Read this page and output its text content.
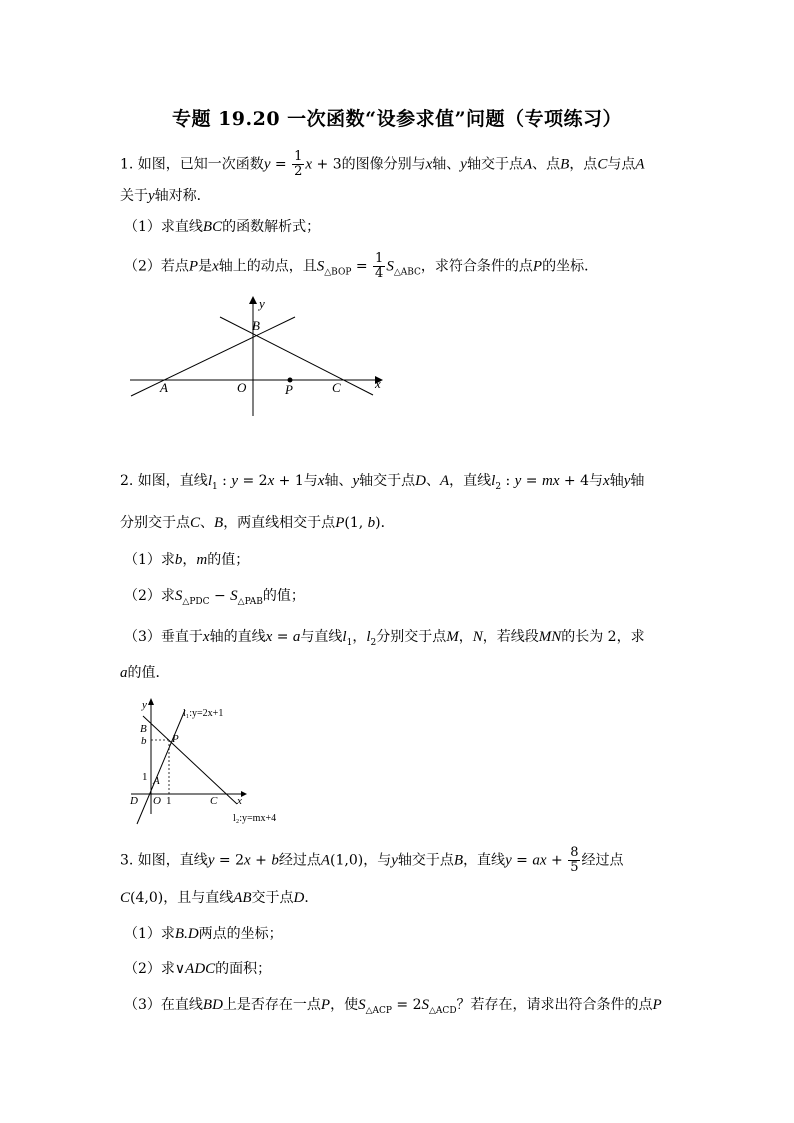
专题 19.20 一次函数“设参求值”问题（专项练习）
1. 如图，已知一次函数$y = \frac{1}{2}$ x + 3的图像分别与x轴、y轴交于点A、点B，点C与点A
关于y轴对称．
（1）求直线BC的函数解析式；
（2）若点P是x轴上的动点，且$S_{\triangle BOP} = \frac{1}{4} S_{\triangle ABC}$，求符合条件的点P的坐标．
y
x
B
A	O	P	C
2. 如图，直线$l_1$ : y = 2x + 1与x轴、y轴交于点D、A，直线$l_2$ : y = mx + 4与x轴y轴
分别交于点C、B，两直线相交于点P(1, b)．
（1）求b，m的值；
（2）求$S_{\triangle PDC} - S_{\triangle PAB}$的值；
（3）垂直于x轴的直线x = a与直线$l_1$，$l_2$分别交于点M，N，若线段MN的长为 2，求
a的值．
y
x
B
b P
1 A
D O 1	C
l₁:y=2x+1
l₂:y=mx+4
3. 如图，直线y = 2x + b经过点A(1,0)，与y轴交于点B，直线y = ax + $\frac{8}{5}$ 经过点
C(4,0)，且与直线AB交于点D．
（1）求B.D两点的坐标；
（2）求∨ADC的面积；
（3）在直线BD上是否存在一点P，使$S_{\triangle ACP} = 2S_{\triangle ACD}$？若存在，请求出符合条件的点P
